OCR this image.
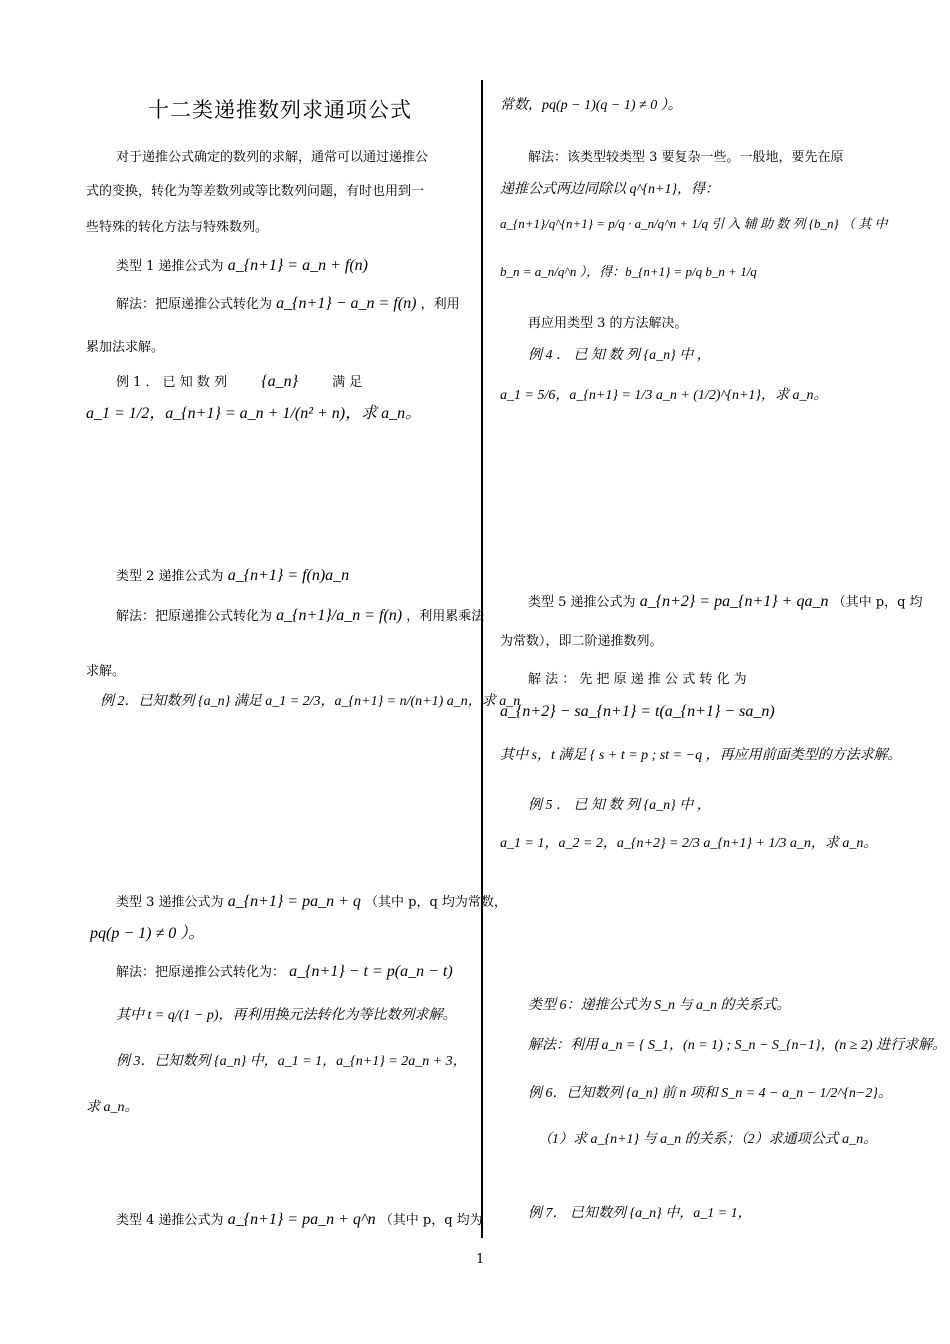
十二类递推数列求通项公式
对于递推公式确定的数列的求解，通常可以通过递推公
式的变换，转化为等差数列或等比数列问题，有时也用到一
些特殊的转化方法与特殊数列。
类型 1 递推公式为 a_{n+1} = a_n + f(n)
解法：把原递推公式转化为 a_{n+1} − a_n = f(n) ，利用
累加法求解。
例 1 ． 已 知 数 列 {a_n}	满 足
a_1 = 1/2，a_{n+1} = a_n + 1/(n² + n)，求 a_n。
类型 2 递推公式为 a_{n+1} = f(n)a_n
解法：把原递推公式转化为 a_{n+1}/a_n = f(n) ，利用累乘法
求解。
例 2．已知数列 {a_n} 满足 a_1 = 2/3，a_{n+1} = n/(n+1) a_n，求 a_n
类型 3 递推公式为 a_{n+1} = pa_n + q （其中 p，q 均为常数，
pq(p − 1) ≠ 0 ）。
解法：把原递推公式转化为： a_{n+1} − t = p(a_n − t)
其中 t = q/(1 − p)，再利用换元法转化为等比数列求解。
例 3．已知数列 {a_n} 中，a_1 = 1，a_{n+1} = 2a_n + 3，
求 a_n。
类型 4 递推公式为 a_{n+1} = pa_n + q^n （其中 p，q 均为
常数，pq(p − 1)(q − 1) ≠ 0 ）。
解法：该类型较类型 3 要复杂一些。一般地，要先在原
递推公式两边同除以 q^{n+1}，得：
a_{n+1}/q^{n+1} = p/q · a_n/q^n + 1/q 引 入 辅 助 数 列 {b_n} （ 其 中
b_n = a_n/q^n ），得：b_{n+1} = p/q b_n + 1/q
再应用类型 3 的方法解决。
例 4 ． 已 知 数 列 {a_n} 中 ，
a_1 = 5/6，a_{n+1} = 1/3 a_n + (1/2)^{n+1}，求 a_n。
类型 5 递推公式为 a_{n+2} = pa_{n+1} + qa_n （其中 p，q 均
为常数），即二阶递推数列。
解 法 ： 先 把 原 递 推 公 式 转 化 为
a_{n+2} − sa_{n+1} = t(a_{n+1} − sa_n)
其中 s，t 满足 { s + t = p ; st = −q ，再应用前面类型的方法求解。
例 5 ． 已 知 数 列 {a_n} 中 ，
a_1 = 1，a_2 = 2，a_{n+2} = 2/3 a_{n+1} + 1/3 a_n，求 a_n。
类型 6：递推公式为 S_n 与 a_n 的关系式。
解法：利用 a_n = { S_1，(n = 1) ; S_n − S_{n−1}，(n ≥ 2) 进行求解。
例 6．已知数列 {a_n} 前 n 项和 S_n = 4 − a_n − 1/2^{n−2}。
（1）求 a_{n+1} 与 a_n 的关系；（2）求通项公式 a_n。
例 7． 已知数列 {a_n} 中，a_1 = 1，
1
